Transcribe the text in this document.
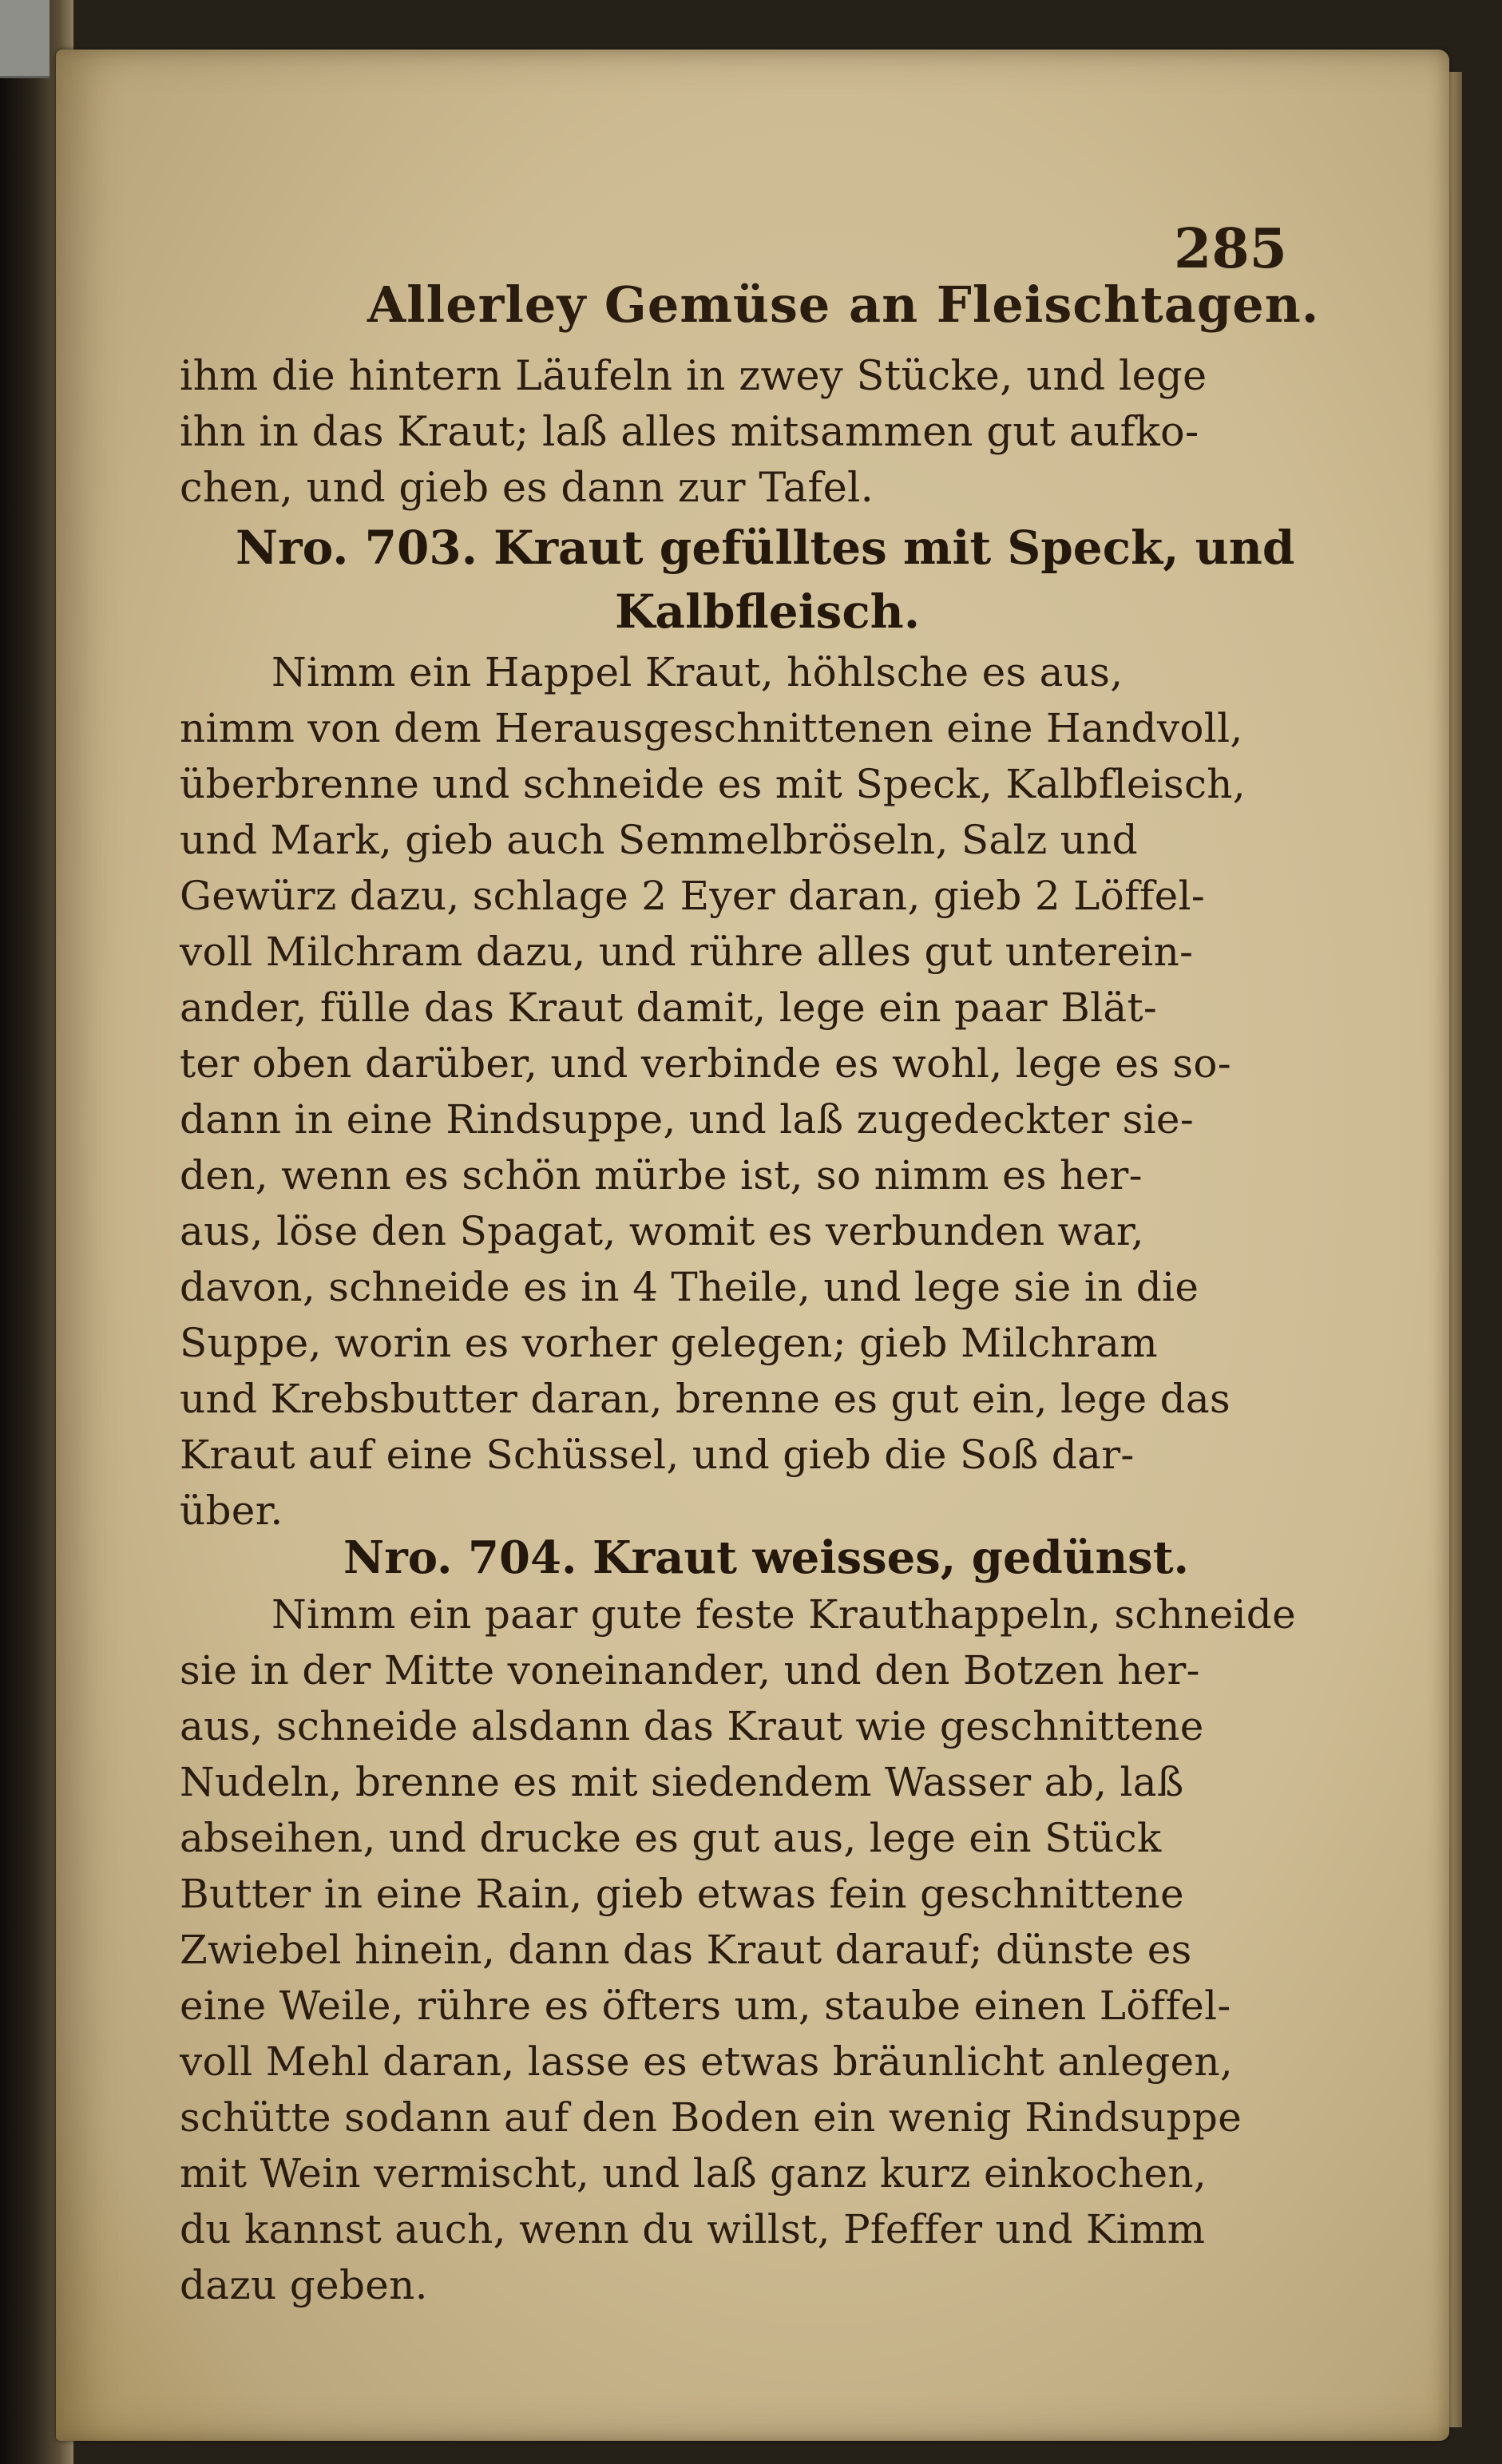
Allerley Gemüse an Fleischtagen.
285
ihm die hintern Läufeln in zwey Stücke, und lege
ihn in das Kraut; laß alles mitsammen gut aufko-
chen, und gieb es dann zur Tafel.
Nro. 703. Kraut gefülltes mit Speck, und
Kalbfleisch.
Nimm ein Happel Kraut, höhlsche es aus,
nimm von dem Herausgeschnittenen eine Handvoll,
überbrenne und schneide es mit Speck, Kalbfleisch,
und Mark, gieb auch Semmelbröseln, Salz und
Gewürz dazu, schlage 2 Eyer daran, gieb 2 Löffel-
voll Milchram dazu, und rühre alles gut unterein-
ander, fülle das Kraut damit, lege ein paar Blät-
ter oben darüber, und verbinde es wohl, lege es so-
dann in eine Rindsuppe, und laß zugedeckter sie-
den, wenn es schön mürbe ist, so nimm es her-
aus, löse den Spagat, womit es verbunden war,
davon, schneide es in 4 Theile, und lege sie in die
Suppe, worin es vorher gelegen; gieb Milchram
und Krebsbutter daran, brenne es gut ein, lege das
Kraut auf eine Schüssel, und gieb die Soß dar-
über.
Nro. 704. Kraut weisses, gedünst.
Nimm ein paar gute feste Krauthappeln, schneide
sie in der Mitte voneinander, und den Botzen her-
aus, schneide alsdann das Kraut wie geschnittene
Nudeln, brenne es mit siedendem Wasser ab, laß
abseihen, und drucke es gut aus, lege ein Stück
Butter in eine Rain, gieb etwas fein geschnittene
Zwiebel hinein, dann das Kraut darauf; dünste es
eine Weile, rühre es öfters um, staube einen Löffel-
voll Mehl daran, lasse es etwas bräunlicht anlegen,
schütte sodann auf den Boden ein wenig Rindsuppe
mit Wein vermischt, und laß ganz kurz einkochen,
du kannst auch, wenn du willst, Pfeffer und Kimm
dazu geben.
